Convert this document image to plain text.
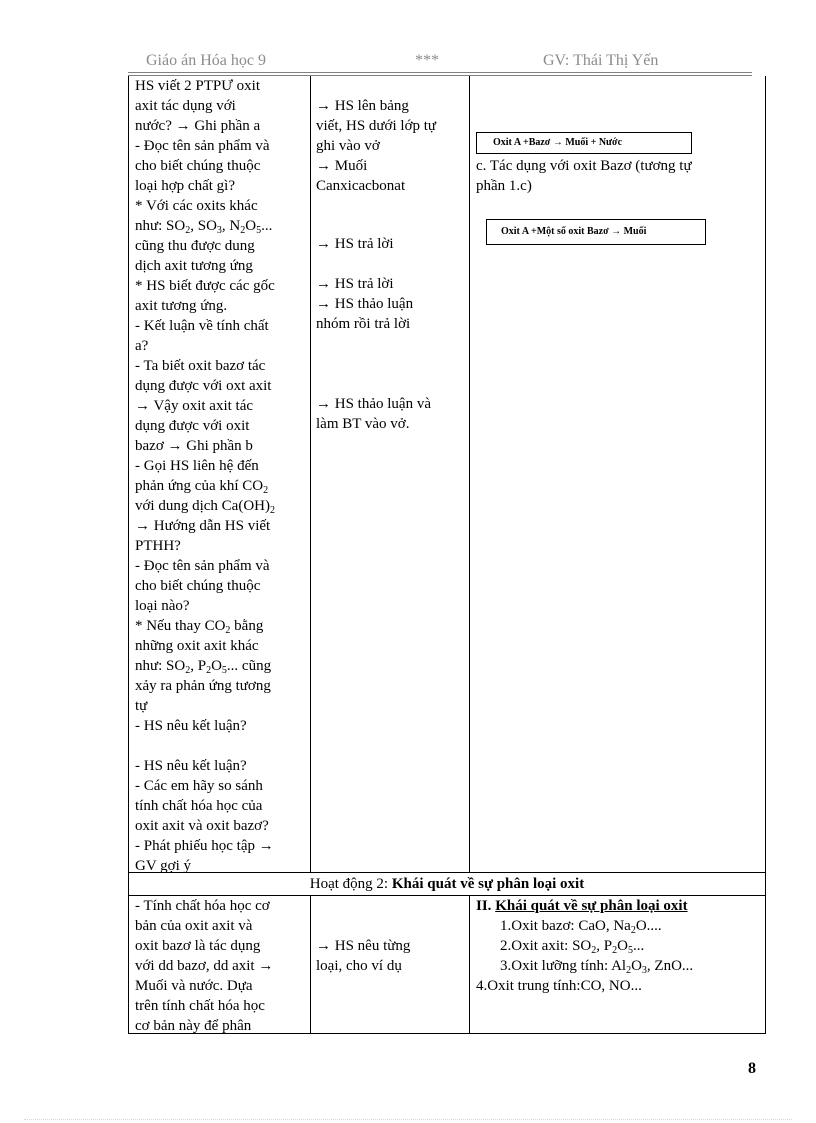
Giáo án Hóa học 9	***	GV: Thái Thị Yến

HS viết 2 PTPƯ oxit

axit tác dụng với

nước? → Ghi phần a

- Đọc tên sản phẩm và

cho biết chúng thuộc

loại hợp chất gì?

* Với các oxits khác

như: $SO_2$, $SO_3$, $N_2O_5$...

cũng thu được dung

dịch axit tương ứng

* HS biết được các gốc

axit tương ứng.

- Kết luận về tính chất

a?

- Ta biết oxit bazơ tác

dụng được với oxt axit

→ Vậy oxit axit tác

dụng được với oxit

bazơ → Ghi phần b

- Gọi HS liên hệ đến

phản ứng của khí $CO_2$

với dung dịch $Ca(OH)_2$

→ Hướng dẫn HS viết

PTHH?

- Đọc tên sản phẩm và

cho biết chúng thuộc

loại nào?

* Nếu thay $CO_2$ bằng

những oxit axit khác

như: $SO_2$, $P_2O_5$... cũng

xảy ra phản ứng tương

tự

- HS nêu kết luận?

- HS nêu kết luận?

- Các em hãy so sánh

tính chất hóa học của

oxit axit và oxit bazơ?

- Phát phiếu học tập →

GV gợi ý

→ HS lên bảng

viết, HS dưới lớp tự

ghi vào vở

→ Muối

Canxicacbonat

→ HS trả lời

→ HS trả lời

→ HS thảo luận

nhóm rồi trả lời

→ HS thảo luận và

làm BT vào vở.

Oxit A +Bazơ → Muối + Nước

c. Tác dụng với oxit Bazơ (tương tự

phần 1.c)

Oxit A +Một số oxit Bazơ → Muối
Hoạt động 2: Khái quát về sự phân loại oxit

- Tính chất hóa học cơ

bản của oxit axit và

oxit bazơ là tác dụng

với dd bazơ, dd axit →

Muối và nước. Dựa

trên tính chất hóa học

cơ bản này để phân

→ HS nêu từng

loại, cho ví dụ

II. Khái quát về sự phân loại oxit

1.Oxit bazơ: CaO, $Na_2O$....

2.Oxit axit: $SO_2$, $P_2O_5$...

3.Oxit lưỡng tính: $Al_2O_3$, ZnO...

4.Oxit trung tính:CO, NO...

8
